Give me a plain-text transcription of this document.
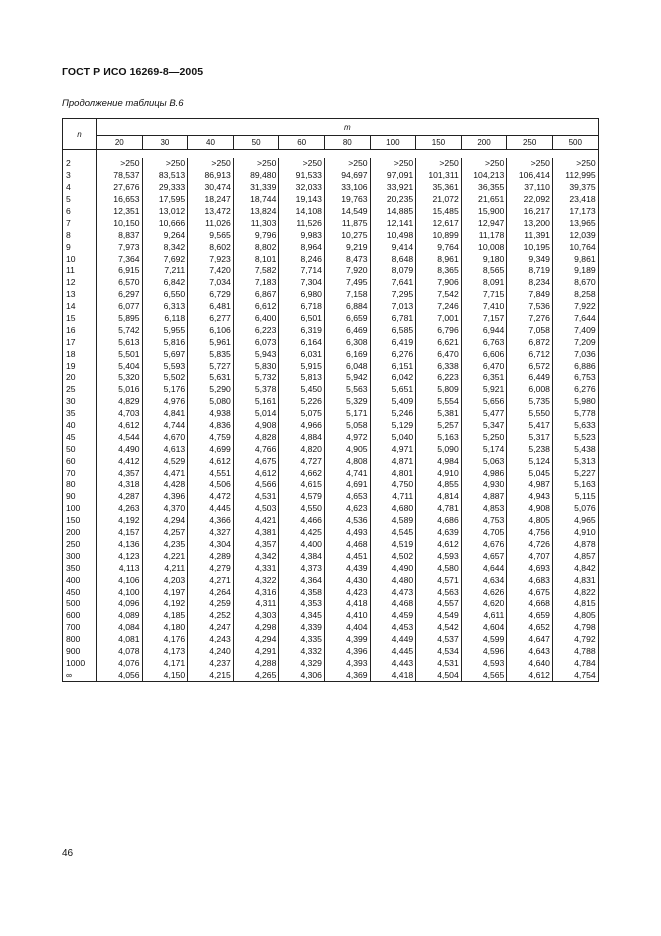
ГОСТ Р ИСО 16269-8—2005
Продолжение таблицы В.6
n	m										
	20	30	40	50	60	80	100	150	200	250	500

2	>250	>250	>250	>250	>250	>250	>250	>250	>250	>250	>250
3	78,537	83,513	86,913	89,480	91,533	94,697	97,091	101,311	104,213	106,414	112,995
4	27,676	29,333	30,474	31,339	32,033	33,106	33,921	35,361	36,355	37,110	39,375
5	16,653	17,595	18,247	18,744	19,143	19,763	20,235	21,072	21,651	22,092	23,418
6	12,351	13,012	13,472	13,824	14,108	14,549	14,885	15,485	15,900	16,217	17,173
7	10,150	10,666	11,026	11,303	11,526	11,875	12,141	12,617	12,947	13,200	13,965
8	8,837	9,264	9,565	9,796	9,983	10,275	10,498	10,899	11,178	11,391	12,039
9	7,973	8,342	8,602	8,802	8,964	9,219	9,414	9,764	10,008	10,195	10,764
10	7,364	7,692	7,923	8,101	8,246	8,473	8,648	8,961	9,180	9,349	9,861
11	6,915	7,211	7,420	7,582	7,714	7,920	8,079	8,365	8,565	8,719	9,189
12	6,570	6,842	7,034	7,183	7,304	7,495	7,641	7,906	8,091	8,234	8,670
13	6,297	6,550	6,729	6,867	6,980	7,158	7,295	7,542	7,715	7,849	8,258
14	6,077	6,313	6,481	6,612	6,718	6,884	7,013	7,246	7,410	7,536	7,922
15	5,895	6,118	6,277	6,400	6,501	6,659	6,781	7,001	7,157	7,276	7,644
16	5,742	5,955	6,106	6,223	6,319	6,469	6,585	6,796	6,944	7,058	7,409
17	5,613	5,816	5,961	6,073	6,164	6,308	6,419	6,621	6,763	6,872	7,209
18	5,501	5,697	5,835	5,943	6,031	6,169	6,276	6,470	6,606	6,712	7,036
19	5,404	5,593	5,727	5,830	5,915	6,048	6,151	6,338	6,470	6,572	6,886
20	5,320	5,502	5,631	5,732	5,813	5,942	6,042	6,223	6,351	6,449	6,753
25	5,016	5,176	5,290	5,378	5,450	5,563	5,651	5,809	5,921	6,008	6,276
30	4,829	4,976	5,080	5,161	5,226	5,329	5,409	5,554	5,656	5,735	5,980
35	4,703	4,841	4,938	5,014	5,075	5,171	5,246	5,381	5,477	5,550	5,778
40	4,612	4,744	4,836	4,908	4,966	5,058	5,129	5,257	5,347	5,417	5,633
45	4,544	4,670	4,759	4,828	4,884	4,972	5,040	5,163	5,250	5,317	5,523
50	4,490	4,613	4,699	4,766	4,820	4,905	4,971	5,090	5,174	5,238	5,438
60	4,412	4,529	4,612	4,675	4,727	4,808	4,871	4,984	5,063	5,124	5,313
70	4,357	4,471	4,551	4,612	4,662	4,741	4,801	4,910	4,986	5,045	5,227
80	4,318	4,428	4,506	4,566	4,615	4,691	4,750	4,855	4,930	4,987	5,163
90	4,287	4,396	4,472	4,531	4,579	4,653	4,711	4,814	4,887	4,943	5,115
100	4,263	4,370	4,445	4,503	4,550	4,623	4,680	4,781	4,853	4,908	5,076
150	4,192	4,294	4,366	4,421	4,466	4,536	4,589	4,686	4,753	4,805	4,965
200	4,157	4,257	4,327	4,381	4,425	4,493	4,545	4,639	4,705	4,756	4,910
250	4,136	4,235	4,304	4,357	4,400	4,468	4,519	4,612	4,676	4,726	4,878
300	4,123	4,221	4,289	4,342	4,384	4,451	4,502	4,593	4,657	4,707	4,857
350	4,113	4,211	4,279	4,331	4,373	4,439	4,490	4,580	4,644	4,693	4,842
400	4,106	4,203	4,271	4,322	4,364	4,430	4,480	4,571	4,634	4,683	4,831
450	4,100	4,197	4,264	4,316	4,358	4,423	4,473	4,563	4,626	4,675	4,822
500	4,096	4,192	4,259	4,311	4,353	4,418	4,468	4,557	4,620	4,668	4,815
600	4,089	4,185	4,252	4,303	4,345	4,410	4,459	4,549	4,611	4,659	4,805
700	4,084	4,180	4,247	4,298	4,339	4,404	4,453	4,542	4,604	4,652	4,798
800	4,081	4,176	4,243	4,294	4,335	4,399	4,449	4,537	4,599	4,647	4,792
900	4,078	4,173	4,240	4,291	4,332	4,396	4,445	4,534	4,596	4,643	4,788
1000	4,076	4,171	4,237	4,288	4,329	4,393	4,443	4,531	4,593	4,640	4,784
∞	4,056	4,150	4,215	4,265	4,306	4,369	4,418	4,504	4,565	4,612	4,754
46
